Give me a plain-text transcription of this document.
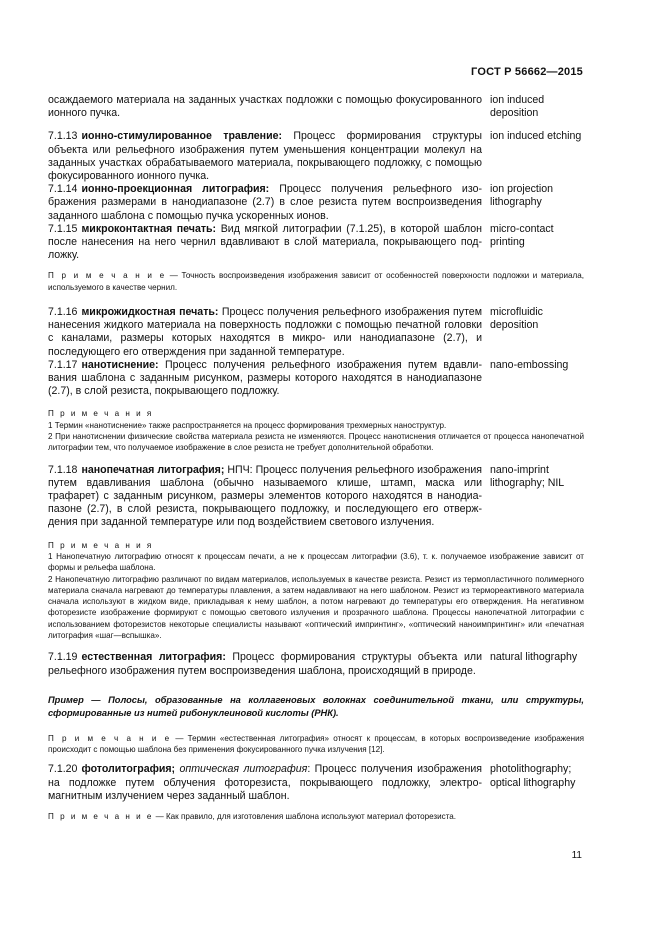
ГОСТ Р 56662—2015
осаждаемого материала на заданных участках подложки с помощью фокусированного ионного пучка.
ion induced deposition
7.1.13 ионно-стимулированное травление: Процесс формирования структуры объекта или рельефного изображения путем уменьшения концентрации молекул на заданных участках обрабатываемого материала, покрывающего подложку, с помощью фокусированного ионного пучка.
ion induced etching
7.1.14 ионно-проекционная литография: Процесс получения рельефного изображения размерами в нанодиапазоне (2.7) в слое резиста путем воспроизведения заданного шаблона с помощью пучка ускоренных ионов.
ion projection lithography
7.1.15 микроконтактная печать: Вид мягкой литографии (7.1.25), в которой шаблон после нанесения на него чернил вдавливают в слой материала, покрывающего подложку.
micro-contact printing
П р и м е ч а н и е — Точность воспроизведения изображения зависит от особенностей поверхности подложки и материала, используемого в качестве чернил.
7.1.16 микрожидкостная печать: Процесс получения рельефного изображения путем нанесения жидкого материала на поверхность подложки с помощью печатной головки с каналами, размеры которых находятся в микро- или нанодиапазоне (2.7), и последующего его отверждения при заданной температуре.
microfluidic deposition
7.1.17 нанотиснение: Процесс получения рельефного изображения путем вдавливания шаблона с заданным рисунком, размеры которого находятся в нанодиапазоне (2.7), в слой резиста, покрывающего подложку.
nano-embossing
П р и м е ч а н и я
1 Термин «нанотиснение» также распространяется на процесс формирования трехмерных наноструктур.
2 При нанотиснении физические свойства материала резиста не изменяются. Процесс нанотиснения отличается от процесса нанопечатной литографии тем, что получаемое изображение в слое резиста не требует дополнительной обработки.
7.1.18 нанопечатная литография; НПЧ: Процесс получения рельефного изображения путем вдавливания шаблона (обычно называемого клише, штамп, маска или трафарет) с заданным рисунком, размеры элементов которого находятся в нанодиапазоне (2.7), в слой резиста, покрывающего подложку, и последующего его отверждения при заданной температуре или под воздействием светового излучения.
nano-imprint lithography; NIL
П р и м е ч а н и я
1 Нанопечатную литографию относят к процессам печати, а не к процессам литографии (3.6), т. к. получаемое изображение зависит от формы и рельефа шаблона.
2 Нанопечатную литографию различают по видам материалов, используемых в качестве резиста. Резист из термопластичного полимерного материала сначала нагревают до температуры плавления, а затем надавливают на него шаблоном. Резист из термореактивного материала сначала используют в жидком виде, прикладывая к нему шаблон, а потом нагревают до температуры его отверждения. На негативном фоторезисте изображение формируют с помощью светового излучения и прозрачного шаблона. Процессы нанопечатной литографии с использованием фоторезистов некоторые специалисты называют «оптический импринтинг», «оптический наноимпринтинг» или «печатная литография «шаг—вспышка».
7.1.19 естественная литография: Процесс формирования структуры объекта или рельефного изображения путем воспроизведения шаблона, происходящий в природе.
natural lithography
Пример — Полосы, образованные на коллагеновых волокнах соединительной ткани, или структуры, сформированные из нитей рибонуклеиновой кислоты (РНК).
П р и м е ч а н и е — Термин «естественная литография» относят к процессам, в которых воспроизведение изображения происходит с помощью шаблона без применения фокусированного пучка излучения [12].
7.1.20 фотолитография; оптическая литография: Процесс получения изображения на подложке путем облучения фоторезиста, покрывающего подложку, электромагнитным излучением через заданный шаблон.
photolithography; optical lithography
П р и м е ч а н и е — Как правило, для изготовления шаблона используют материал фоторезиста.
11
